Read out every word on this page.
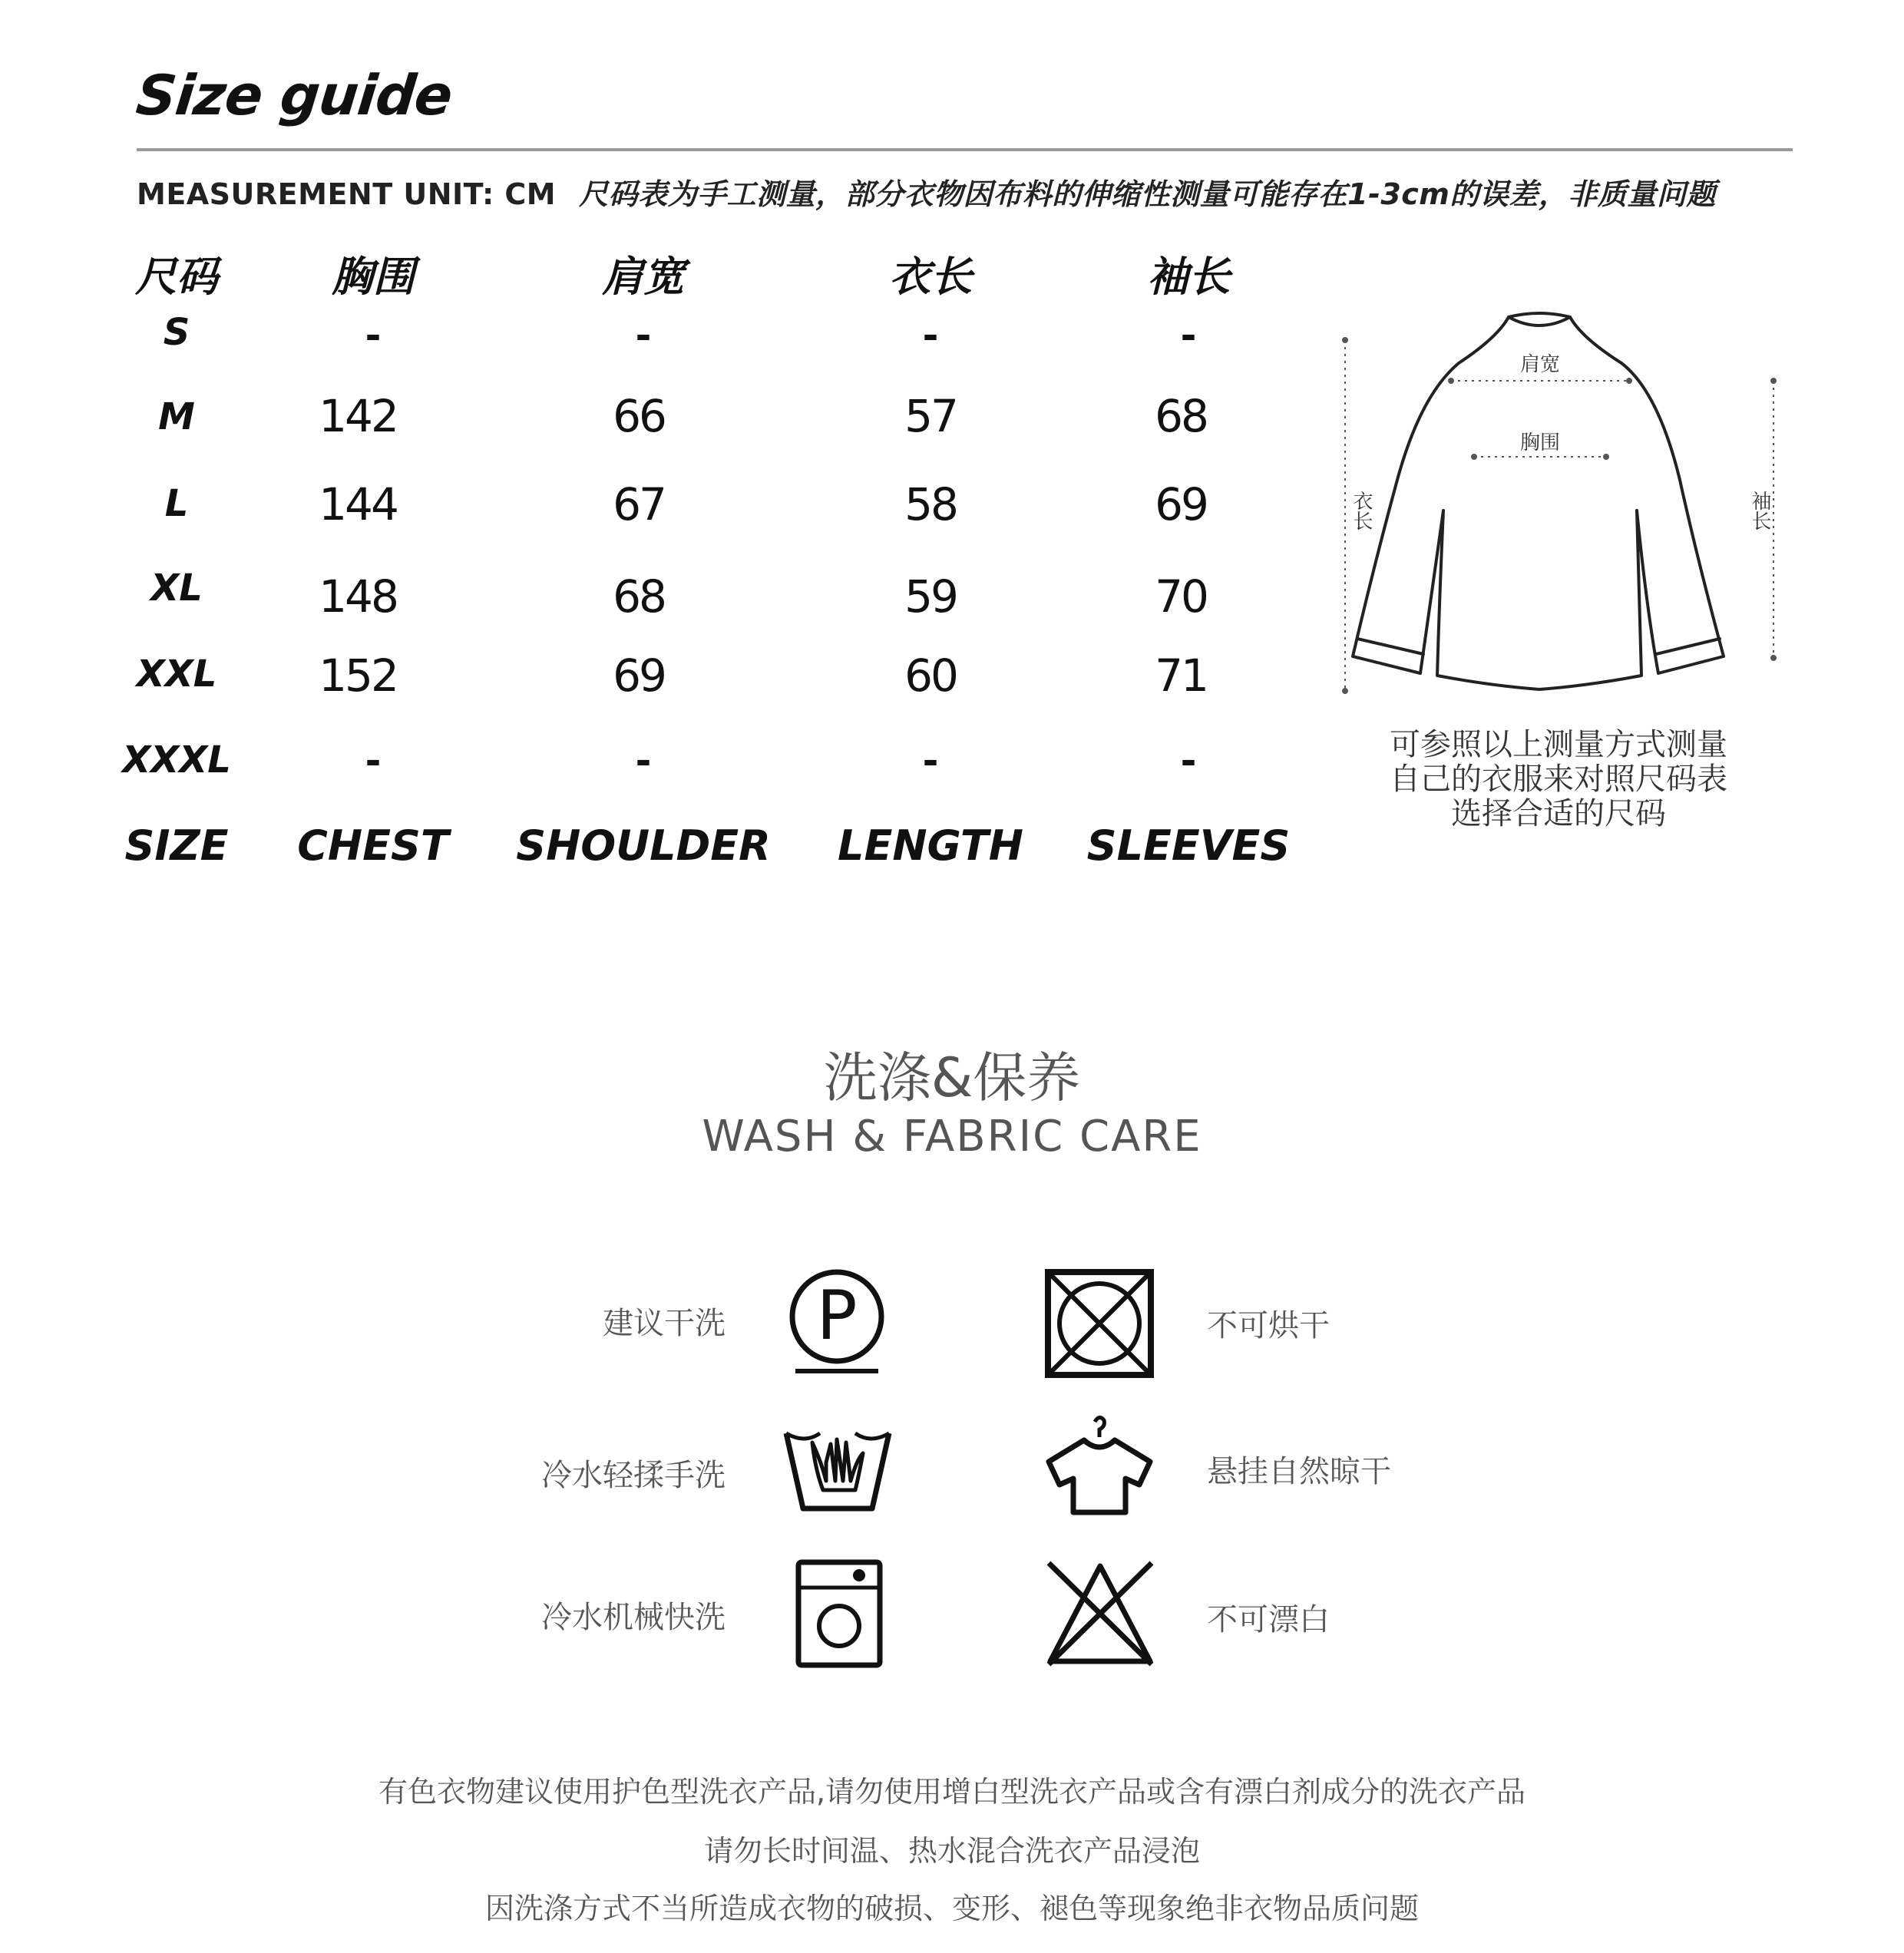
Size guide
MEASUREMENT UNIT: CM 尺码表为手工测量，部分衣物因布料的伸缩性测量可能存在1-3cm的误差，非质量问题
尺码	胸围	肩宽	衣长	袖长
S	-	-	-	-
M	142	66	57	68
L	144	67	58	69
XL	148	68	59	70
XXL 152	69	60	71
XXXL	-	-	-	-
SIZE CHEST SHOULDER LENGTH SLEEVES
肩宽
胸围
衣长	袖长
可参照以上测量方式测量
自己的衣服来对照尺码表
选择合适的尺码
洗涤&保养
WASH & FABRIC CARE
建议干洗 P	不可烘干
冷水轻揉手洗	悬挂自然晾干
冷水机械快洗	不可漂白
有色衣物建议使用护色型洗衣产品,请勿使用增白型洗衣产品或含有漂白剂成分的洗衣产品
请勿长时间温、热水混合洗衣产品浸泡
因洗涤方式不当所造成衣物的破损、变形、褪色等现象绝非衣物品质问题
